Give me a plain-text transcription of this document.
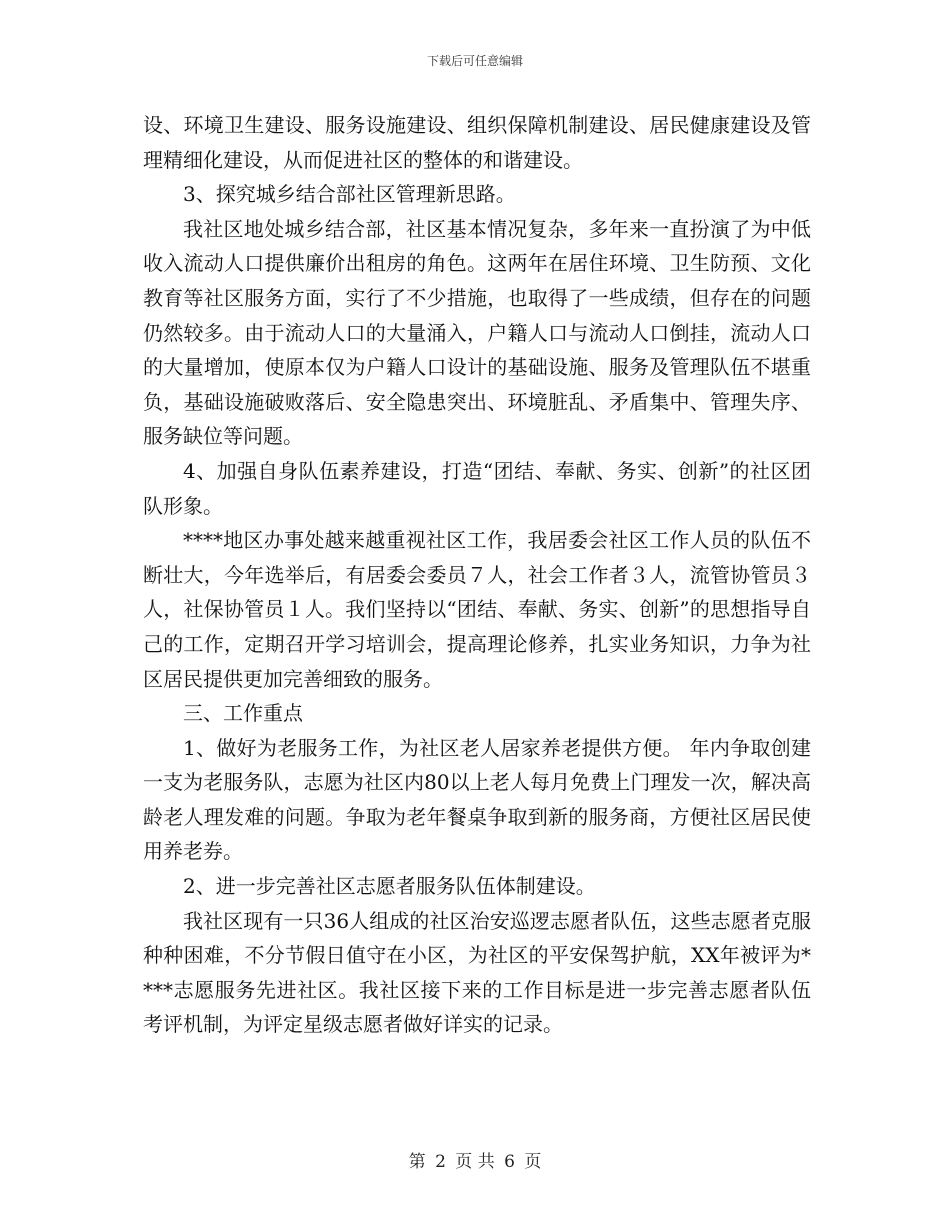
下载后可任意编辑

设、环境卫生建设、服务设施建设、组织保障机制建设、居民健康建设及管理精细化建设，从而促进社区的整体的和谐建设。

3、探究城乡结合部社区管理新思路。

我社区地处城乡结合部，社区基本情况复杂，多年来一直扮演了为中低收入流动人口提供廉价出租房的角色。这两年在居住环境、卫生防预、文化教育等社区服务方面，实行了不少措施，也取得了一些成绩，但存在的问题仍然较多。由于流动人口的大量涌入，户籍人口与流动人口倒挂，流动人口的大量增加，使原本仅为户籍人口设计的基础设施、服务及管理队伍不堪重负，基础设施破败落后、安全隐患突出、环境脏乱、矛盾集中、管理失序、服务缺位等问题。

4、加强自身队伍素养建设，打造“团结、奉献、务实、创新”的社区团队形象。

****地区办事处越来越重视社区工作，我居委会社区工作人员的队伍不断壮大，今年选举后，有居委会委员７人，社会工作者３人，流管协管员３人，社保协管员１人。我们坚持以“团结、奉献、务实、创新”的思想指导自己的工作，定期召开学习培训会，提高理论修养，扎实业务知识，力争为社区居民提供更加完善细致的服务。

三、工作重点

1、做好为老服务工作，为社区老人居家养老提供方便。 年内争取创建一支为老服务队，志愿为社区内80以上老人每月免费上门理发一次，解决高龄老人理发难的问题。争取为老年餐桌争取到新的服务商，方便社区居民使用养老券。

2、进一步完善社区志愿者服务队伍体制建设。

我社区现有一只36人组成的社区治安巡逻志愿者队伍，这些志愿者克服种种困难，不分节假日值守在小区，为社区的平安保驾护航，XX年被评为****志愿服务先进社区。我社区接下来的工作目标是进一步完善志愿者队伍考评机制，为评定星级志愿者做好详实的记录。

第 2 页 共 6 页
